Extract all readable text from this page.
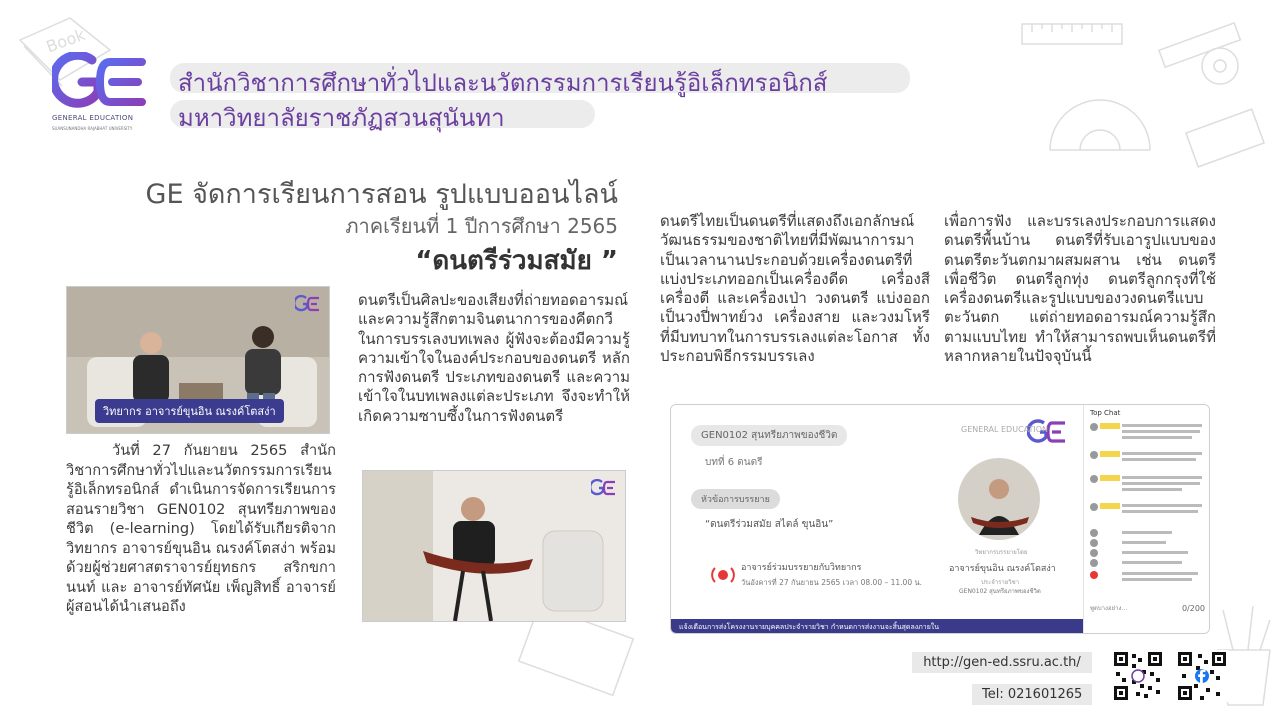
Book
GENERAL EDUCATION
SUANSUNANDHA RAJABHAT UNIVERSITY
สำนักวิชาการศึกษาทั่วไปและนวัตกรรมการเรียนรู้อิเล็กทรอนิกส์
มหาวิทยาลัยราชภัฏสวนสุนันทา
GE จัดการเรียนการสอน รูปแบบออนไลน์
ภาคเรียนที่ 1 ปีการศึกษา 2565
“ดนตรีร่วมสมัย ”
วิทยากร อาจารย์ขุนอิน ณรงค์โตสง่า
วันที่ 27 กันยายน 2565 สำนักวิชาการศึกษาทั่วไปและนวัตกรรมการเรียนรู้อิเล็กทรอนิกส์ ดำเนินการจัดการเรียนการสอนรายวิชา GEN0102 สุนทรียภาพของชีวิต (e-learning) โดยได้รับเกียรติจาก วิทยากร อาจารย์ขุนอิน ณรงค์โตสง่า พร้อมด้วยผู้ช่วยศาสตราจารย์ยุทธกร สริกขกานนท์ และ อาจารย์ทัศนัย เพ็ญสิทธิ์ อาจารย์ผู้สอนได้นำเสนอถึง
ดนตรีเป็นศิลปะของเสียงที่ถ่ายทอดอารมณ์และความรู้สึกตามจินตนาการของคีตกวี ในการบรรเลงบทเพลง ผู้ฟังจะต้องมีความรู้ความเข้าใจในองค์ประกอบของดนตรี หลักการฟังดนตรี ประเภทของดนตรี และความเข้าใจในบทเพลงแต่ละประเภท จึงจะทำให้เกิดความซาบซึ้งในการฟังดนตรี
ดนตรีไทยเป็นดนตรีที่แสดงถึงเอกลักษณ์วัฒนธรรมของชาติไทยที่มีพัฒนาการมาเป็นเวลานานประกอบด้วยเครื่องดนตรีที่แบ่งประเภทออกเป็นเครื่องดีด เครื่องสี เครื่องตี และเครื่องเป่า วงดนตรี แบ่งออกเป็นวงปี่พาทย์วง เครื่องสาย และวงมโหรี ที่มีบทบาทในการบรรเลงแต่ละโอกาส ทั้งประกอบพิธีกรรมบรรเลง
เพื่อการฟัง และบรรเลงประกอบการแสดง ดนตรีพื้นบ้าน ดนตรีที่รับเอารูปแบบของดนตรีตะวันตกมาผสมผสาน เช่น ดนตรีเพื่อชีวิต ดนตรีลูกทุ่ง ดนตรีลูกกรุงที่ใช้เครื่องดนตรีและรูปแบบของวงดนตรีแบบตะวันตก แต่ถ่ายทอดอารมณ์ความรู้สึกตามแบบไทย ทำให้สามารถพบเห็นดนตรีที่หลากหลายในปัจจุบันนี้
GEN0102 สุนทรียภาพของชีวิต
บทที่ 6 ดนตรี
GENERAL EDUCATION
หัวข้อการบรรยาย
“ดนตรีร่วมสมัย สไตล์ ขุนอิน”
อาจารย์ร่วมบรรยายกับวิทยากร
วันอังคารที่ 27 กันยายน 2565 เวลา 08.00 – 11.00 น.
วิทยากรบรรยายโดย
อาจารย์ขุนอิน ณรงค์โตสง่า
ประจำรายวิชา
GEN0102 สุนทรียภาพของชีวิต
แจ้งเตือนการส่งโครงงานรายบุคคลประจำรายวิชา กำหนดการส่งงานจะสิ้นสุดลงภายใน
Top Chat
พูดบางอย่าง...	0/200
http://gen-ed.ssru.ac.th/
Tel: 021601265
